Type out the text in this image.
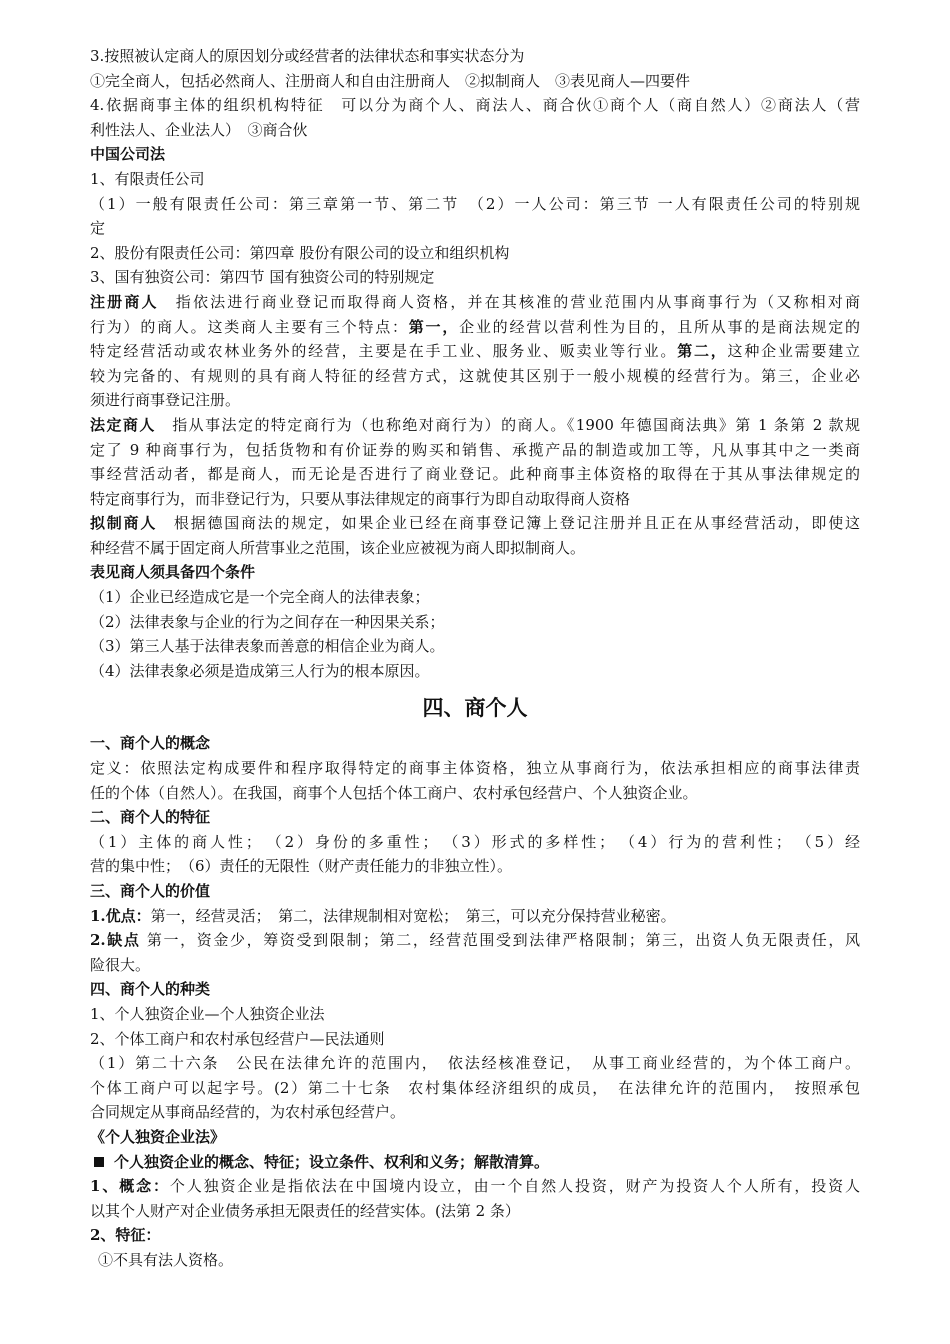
3.按照被认定商人的原因划分或经营者的法律状态和事实状态分为

①完全商人，包括必然商人、注册商人和自由注册商人　②拟制商人　③表见商人—四要件

4.依据商事主体的组织机构特征　可以分为商个人、商法人、商合伙①商个人（商自然人）②商法人（营

利性法人、企业法人）　③商合伙

中国公司法

1、有限责任公司

（1）一般有限责任公司：第三章第一节、第二节　（2）一人公司：第三节 一人有限责任公司的特别规

定

2、股份有限责任公司：第四章 股份有限公司的设立和组织机构

3、国有独资公司：第四节 国有独资公司的特别规定

注册商人　指依法进行商业登记而取得商人资格，并在其核准的营业范围内从事商事行为（又称相对商

行为）的商人。这类商人主要有三个特点：第一，企业的经营以营利性为目的，且所从事的是商法规定的

特定经营活动或农林业务外的经营，主要是在手工业、服务业、贩卖业等行业。第二，这种企业需要建立

较为完备的、有规则的具有商人特征的经营方式，这就使其区别于一般小规模的经营行为。第三，企业必

须进行商事登记注册。

法定商人　指从事法定的特定商行为（也称绝对商行为）的商人。《1900 年德国商法典》第 1 条第 2 款规

定了 9 种商事行为，包括货物和有价证券的购买和销售、承揽产品的制造或加工等，凡从事其中之一类商

事经营活动者，都是商人，而无论是否进行了商业登记。此种商事主体资格的取得在于其从事法律规定的

特定商事行为，而非登记行为，只要从事法律规定的商事行为即自动取得商人资格

拟制商人　根据德国商法的规定，如果企业已经在商事登记簿上登记注册并且正在从事经营活动，即使这

种经营不属于固定商人所营事业之范围，该企业应被视为商人即拟制商人。

表见商人须具备四个条件

（1）企业已经造成它是一个完全商人的法律表象；

（2）法律表象与企业的行为之间存在一种因果关系；

（3）第三人基于法律表象而善意的相信企业为商人。

（4）法律表象必须是造成第三人行为的根本原因。

四、商个人

一、商个人的概念

定义：依照法定构成要件和程序取得特定的商事主体资格，独立从事商行为，依法承担相应的商事法律责

任的个体（自然人）。在我国，商事个人包括个体工商户、农村承包经营户、个人独资企业。

二、商个人的特征

（1）主体的商人性；　（2）身份的多重性；　（3）形式的多样性；　（4）行为的营利性；　（5）经

营的集中性；　（6）责任的无限性（财产责任能力的非独立性）。

三、商个人的价值

1.优点：第一，经营灵活；　第二，法律规制相对宽松；　第三，可以充分保持营业秘密。

2.缺点 第一，资金少，筹资受到限制；第二，经营范围受到法律严格限制；第三，出资人负无限责任，风

险很大。

四、商个人的种类

1、个人独资企业—个人独资企业法

2、个体工商户和农村承包经营户—民法通则

（1）第二十六条　公民在法律允许的范围内，　依法经核准登记，　从事工商业经营的，为个体工商户。

个体工商户可以起字号。(2）第二十七条　农村集体经济组织的成员，　在法律允许的范围内，　按照承包

合同规定从事商品经营的，为农村承包经营户。

《个人独资企业法》

个人独资企业的概念、特征；设立条件、权利和义务；解散清算。

1、概念：个人独资企业是指依法在中国境内设立，由一个自然人投资，财产为投资人个人所有，投资人

以其个人财产对企业债务承担无限责任的经营实体。(法第 2 条）

2、特征：

①不具有法人资格。
